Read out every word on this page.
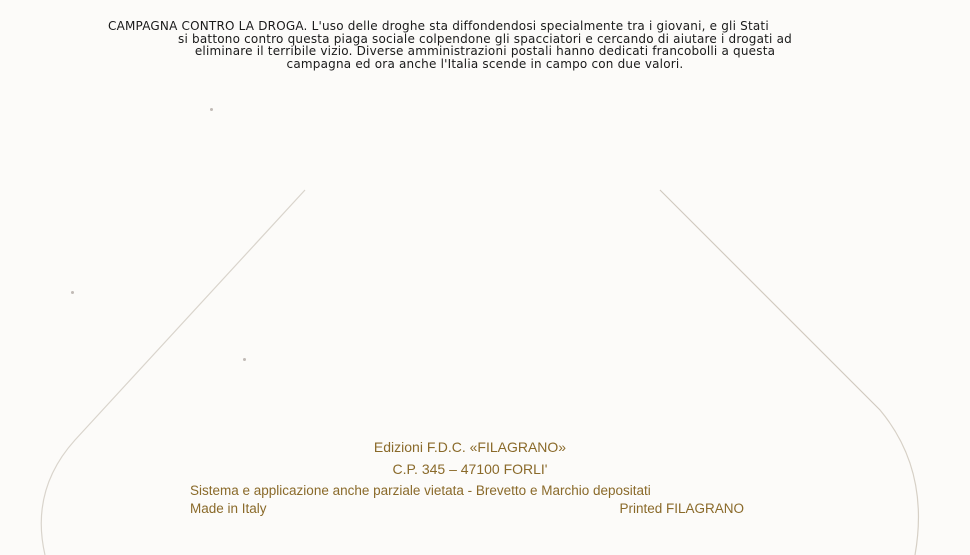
CAMPAGNA CONTRO LA DROGA. L'uso delle droghe sta diffondendosi specialmente tra i giovani, e gli Stati
si battono contro questa piaga sociale colpendone gli spacciatori e cercando di aiutare i drogati ad
eliminare il terribile vizio. Diverse amministrazioni postali hanno dedicati francobolli a questa
campagna ed ora anche l'Italia scende in campo con due valori.
Edizioni F.D.C. «FILAGRANO»
C.P. 345 – 47100 FORLI'
Sistema e applicazione anche parziale vietata - Brevetto e Marchio depositati
Made in Italy	Printed FILAGRANO
